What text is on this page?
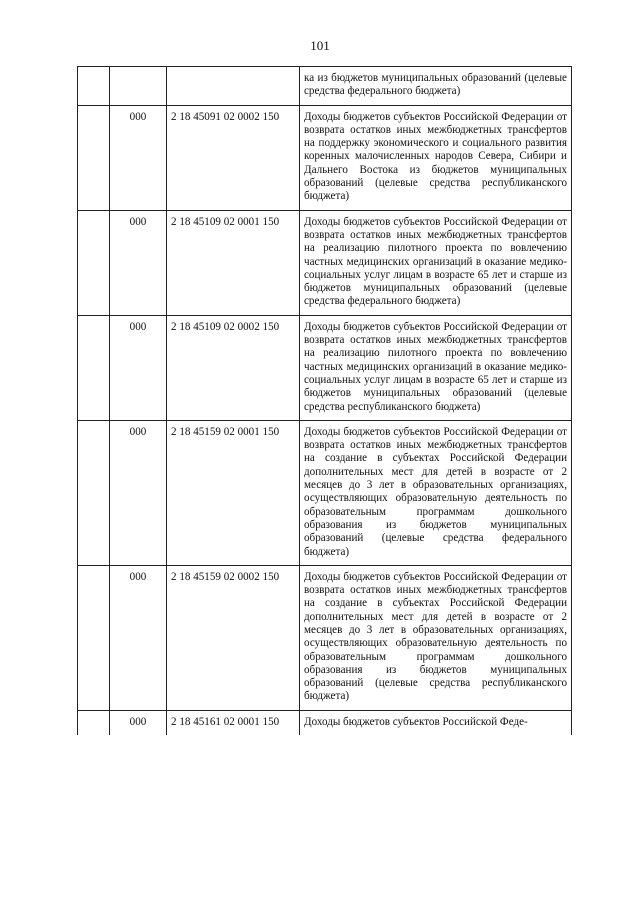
101
			ка из бюджетов муниципальных образований (целевые средства федерального бюджета)
	000	2 18 45091 02 0002 150	Доходы бюджетов субъектов Российской Федерации от возврата остатков иных межбюджетных трансфертов на поддержку экономического и социального развития коренных малочисленных народов Севера, Сибири и Дальнего Востока из бюджетов муниципальных образований (целевые средства республиканского бюджета)
	000	2 18 45109 02 0001 150	Доходы бюджетов субъектов Российской Федерации от возврата остатков иных межбюджетных трансфертов на реализацию пилотного проекта по вовлечению частных медицинских организаций в оказание медико-социальных услуг лицам в возрасте 65 лет и старше из бюджетов муниципальных образований (целевые средства федерального бюджета)
	000	2 18 45109 02 0002 150	Доходы бюджетов субъектов Российской Федерации от возврата остатков иных межбюджетных трансфертов на реализацию пилотного проекта по вовлечению частных медицинских организаций в оказание медико-социальных услуг лицам в возрасте 65 лет и старше из бюджетов муниципальных образований (целевые средства республиканского бюджета)
	000	2 18 45159 02 0001 150	Доходы бюджетов субъектов Российской Федерации от возврата остатков иных межбюджетных трансфертов на создание в субъектах Российской Федерации дополнительных мест для детей в возрасте от 2 месяцев до 3 лет в образовательных организациях, осуществляющих образовательную деятельность по образовательным программам дошкольного образования из бюджетов муниципальных образований (целевые средства федерального бюджета)
	000	2 18 45159 02 0002 150	Доходы бюджетов субъектов Российской Федерации от возврата остатков иных межбюджетных трансфертов на создание в субъектах Российской Федерации дополнительных мест для детей в возрасте от 2 месяцев до 3 лет в образовательных организациях, осуществляющих образовательную деятельность по образовательным программам дошкольного образования из бюджетов муниципальных образований (целевые средства республиканского бюджета)
	000	2 18 45161 02 0001 150	Доходы бюджетов субъектов Российской Феде-
